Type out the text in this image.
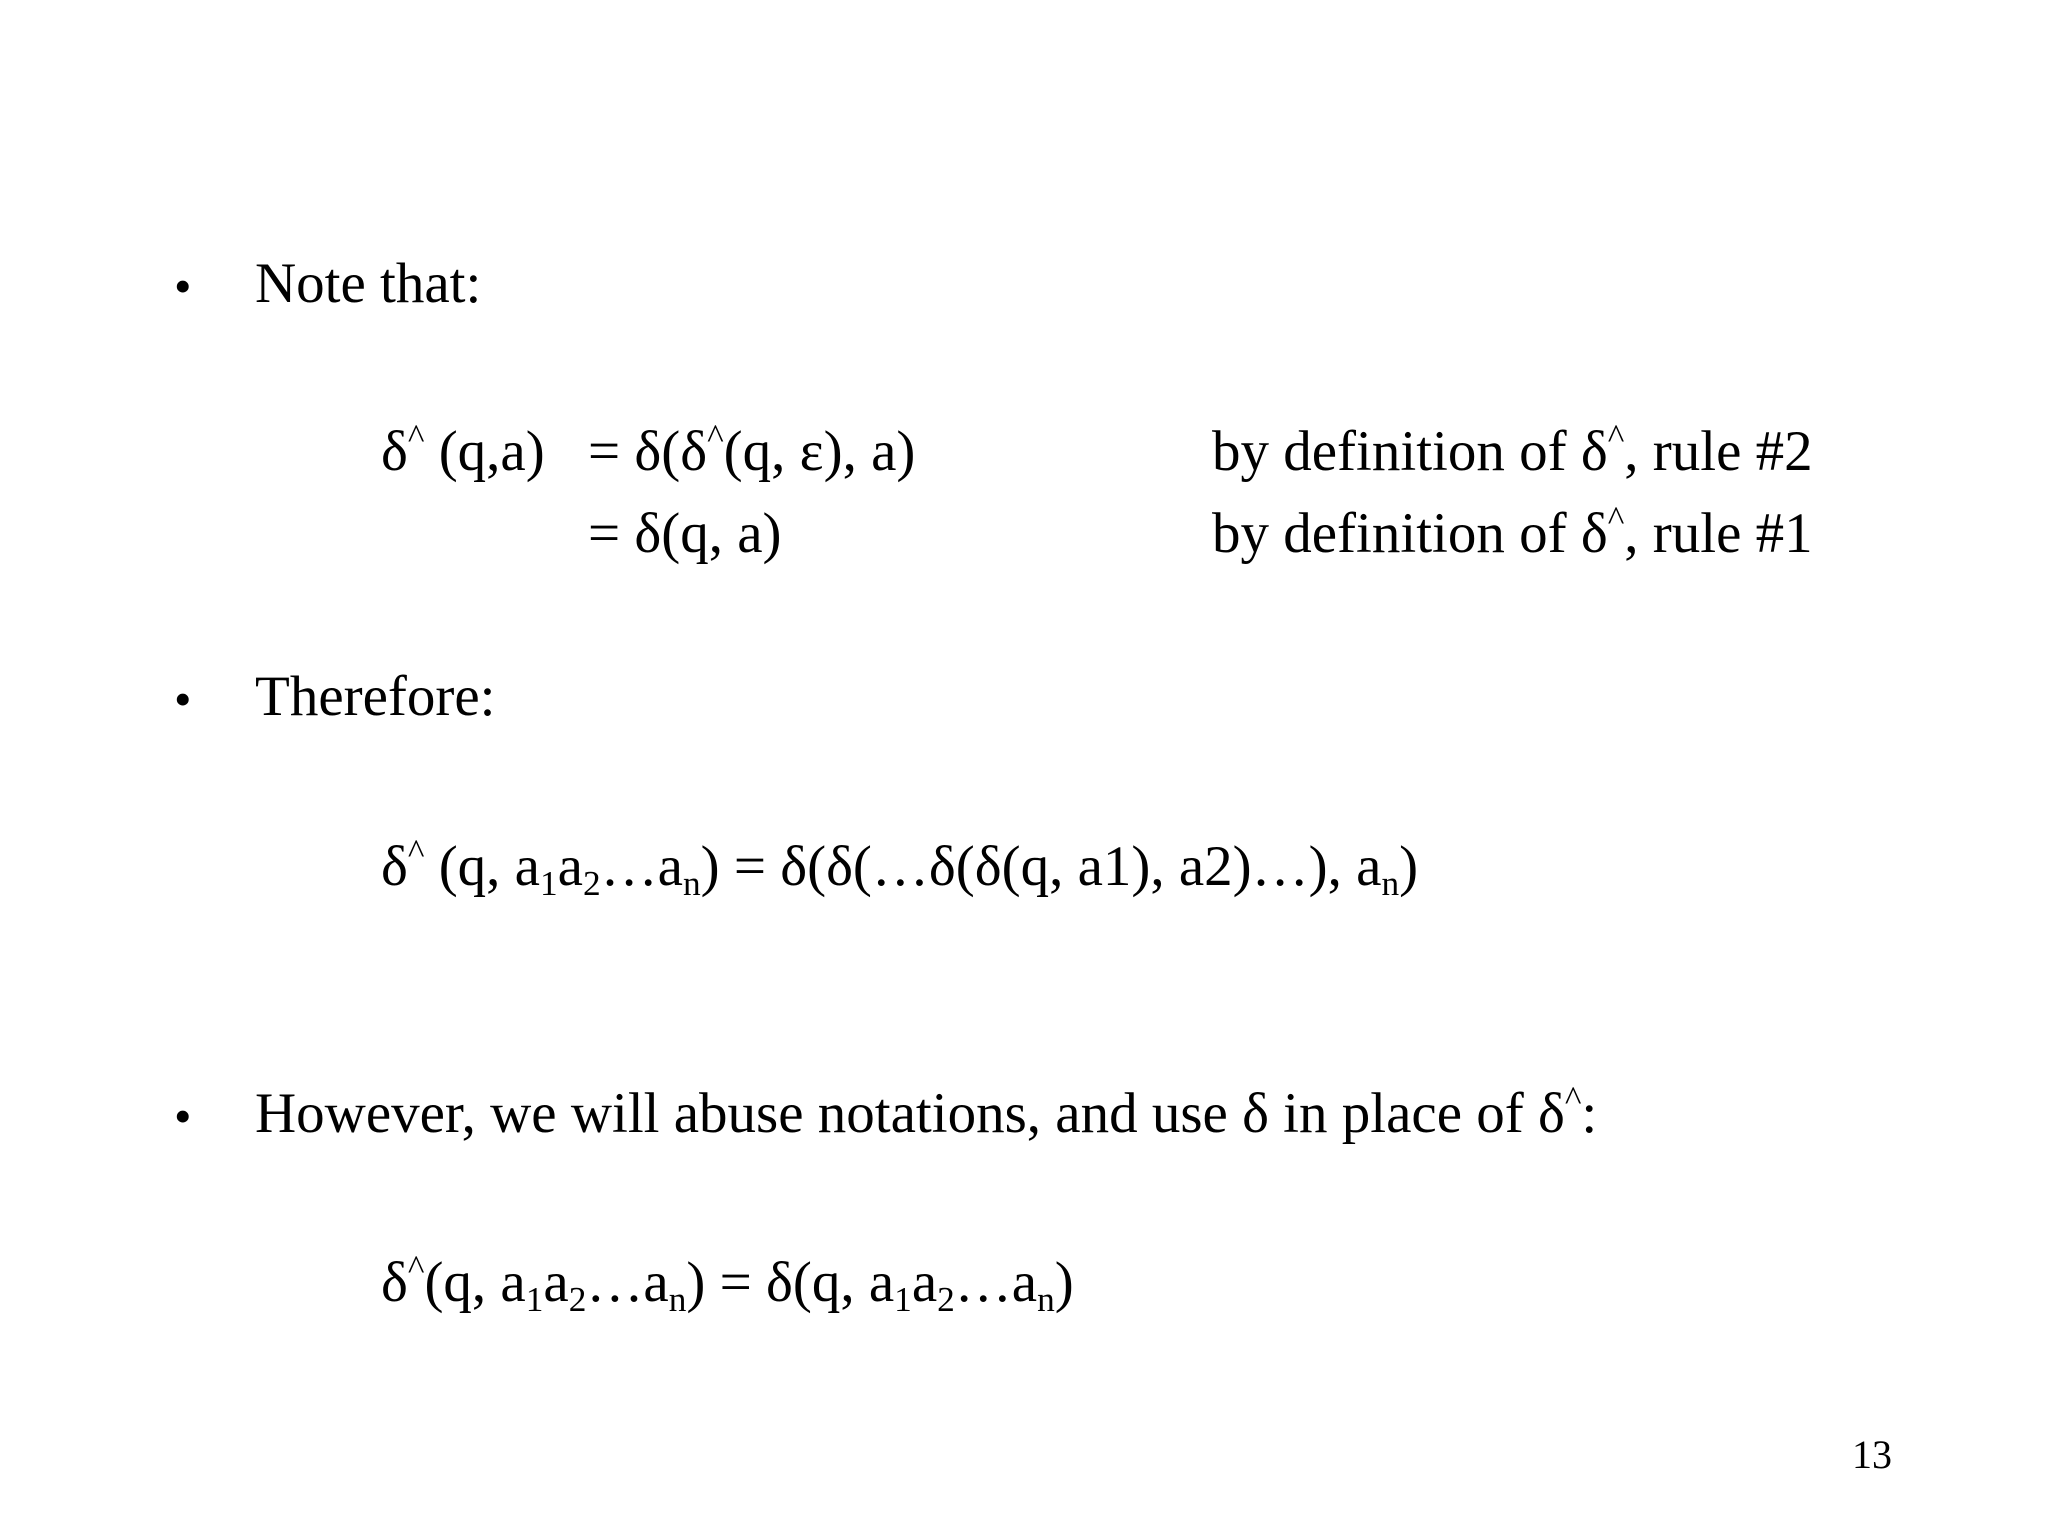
• Note that:
δ^ (q,a) = δ(δ^(q, ε), a)	by definition of δ^, rule #2
= δ(q, a)	by definition of δ^, rule #1
• Therefore:
δ^ (q, $a_1a_2\dots a_n$) = δ(δ(…δ(δ(q, a1), a2)…), $a_n$)
• However, we will abuse notations, and use δ in place of δ^:
δ^(q, $a_1a_2\dots a_n) = \delta(q$, $a_1a_2\dots a_n$)
13
